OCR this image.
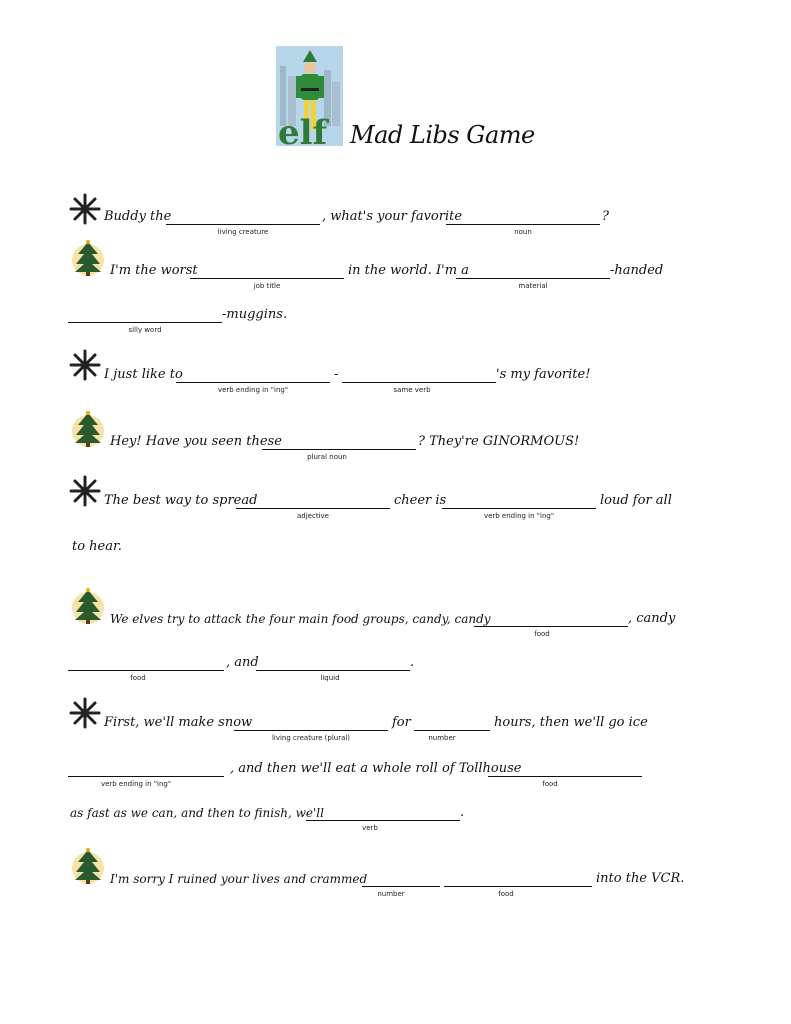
elf Mad Libs Game
Buddy the
living creature
, what's your favorite
noun
?
I'm the worst
job title
in the world. I'm a
material
-handed
silly word
-muggins.
I just like to
verb ending in "ing"
-
same verb
's my favorite!
Hey! Have you seen these
plural noun
? They're GINORMOUS!
The best way to spread
adjective
cheer is
verb ending in "ing"
loud for all
to hear.
We elves try to attack the four main food groups, candy, candy
food
, candy
food
, and
liquid
.
First, we'll make snow
living creature (plural)
for
number
hours, then we'll go ice
verb ending in "ing"
, and then we'll eat a whole roll of Tollhouse
food
as fast as we can, and then to finish, we'll
verb
.
I'm sorry I ruined your lives and crammed
number	food
into the VCR.
